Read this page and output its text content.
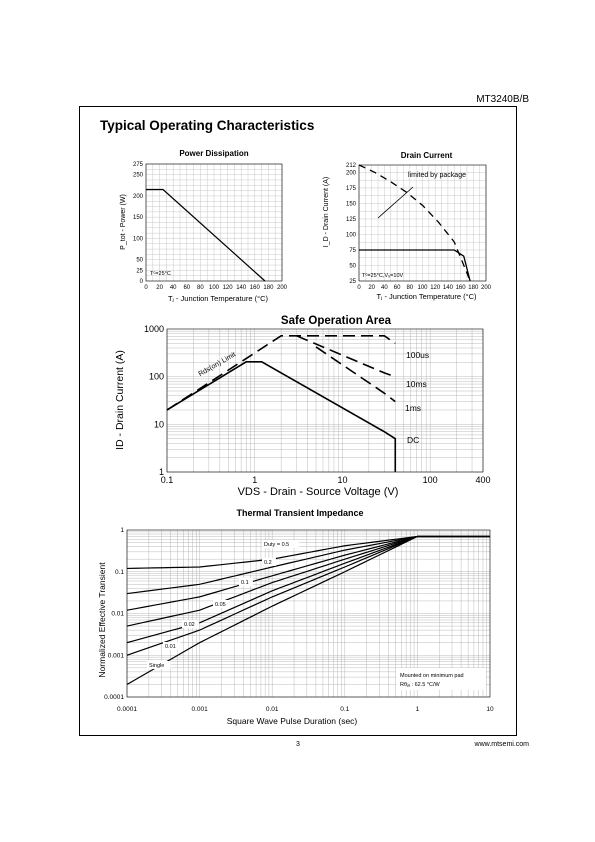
MT3240B/B
Typical Operating Characteristics
3	www.mtsemi.com
Power Dissipation
0 20 40 60 80 100 120 140 160 180 200
0
25
50
100
150
200
250
275
Tⱼ - Junction Temperature (°C)
P_tot - Power (W)
Tᶜ=25°C
Drain Current
0 20 40 60 80 100 120 140 160 180 200
25
50
75
100
125
150
175
200
212
Tⱼ - Junction Temperature (°C)
I_D - Drain Current (A)
limited by package
Tᶜ=25°C,V₉=10V
Safe Operation Area
0.1	1	10	100	400
1
10
100
1000
VDS - Drain - Source Voltage (V)
ID - Drain Current (A)	Rds(on) Limit	100us
10ms
1ms
DC
Thermal Transient Impedance
0.0001	0.001	0.01	0.1	1	10
0.0001
0.001
0.01
0.1
1
Square Wave Pulse Duration (sec)
Normalized Effective Transient	Mounted on minimum pad
Rθⱼₐ : 62.5 °C/W
Duty = 0.5
0.2
0.1
0.05
0.02
0.01
Single
